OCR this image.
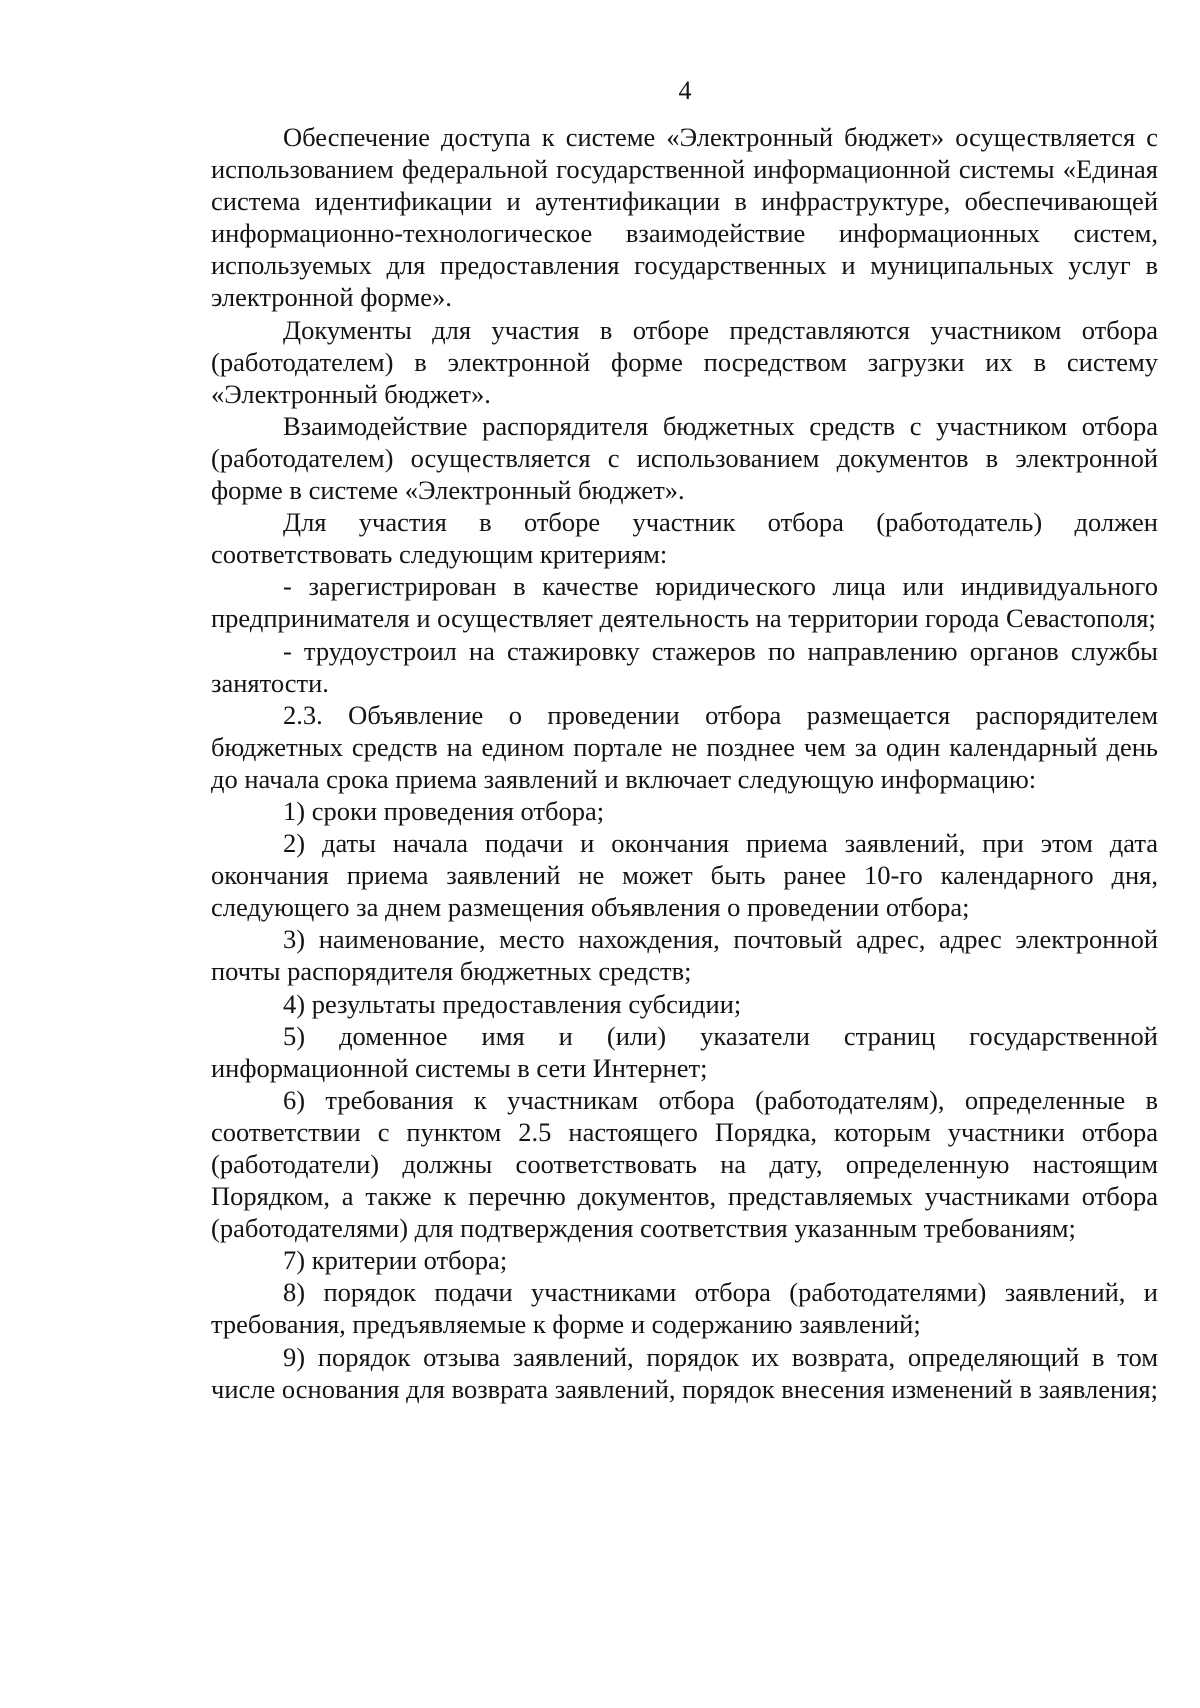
4

Обеспечение доступа к системе «Электронный бюджет» осуществляется с использованием федеральной государственной информационной системы «Единая система идентификации и аутентификации в инфраструктуре, обеспечивающей информационно-технологическое взаимодействие информационных систем, используемых для предоставления государственных и муниципальных услуг в электронной форме».

Документы для участия в отборе представляются участником отбора (работодателем) в электронной форме посредством загрузки их в систему «Электронный бюджет».

Взаимодействие распорядителя бюджетных средств с участником отбора (работодателем) осуществляется с использованием документов в электронной форме в системе «Электронный бюджет».

Для участия в отборе участник отбора (работодатель) должен соответствовать следующим критериям:

- зарегистрирован в качестве юридического лица или индивидуального предпринимателя и осуществляет деятельность на территории города Севастополя;

- трудоустроил на стажировку стажеров по направлению органов службы занятости.

2.3. Объявление о проведении отбора размещается распорядителем бюджетных средств на едином портале не позднее чем за один календарный день до начала срока приема заявлений и включает следующую информацию:

1) сроки проведения отбора;

2) даты начала подачи и окончания приема заявлений, при этом дата окончания приема заявлений не может быть ранее 10-го календарного дня, следующего за днем размещения объявления о проведении отбора;

3) наименование, место нахождения, почтовый адрес, адрес электронной почты распорядителя бюджетных средств;

4) результаты предоставления субсидии;

5) доменное имя и (или) указатели страниц государственной информационной системы в сети Интернет;

6) требования к участникам отбора (работодателям), определенные в соответствии с пунктом 2.5 настоящего Порядка, которым участники отбора (работодатели) должны соответствовать на дату, определенную настоящим Порядком, а также к перечню документов, представляемых участниками отбора (работодателями) для подтверждения соответствия указанным требованиям;

7) критерии отбора;

8) порядок подачи участниками отбора (работодателями) заявлений, и требования, предъявляемые к форме и содержанию заявлений;

9) порядок отзыва заявлений, порядок их возврата, определяющий в том числе основания для возврата заявлений, порядок внесения изменений в заявления;
